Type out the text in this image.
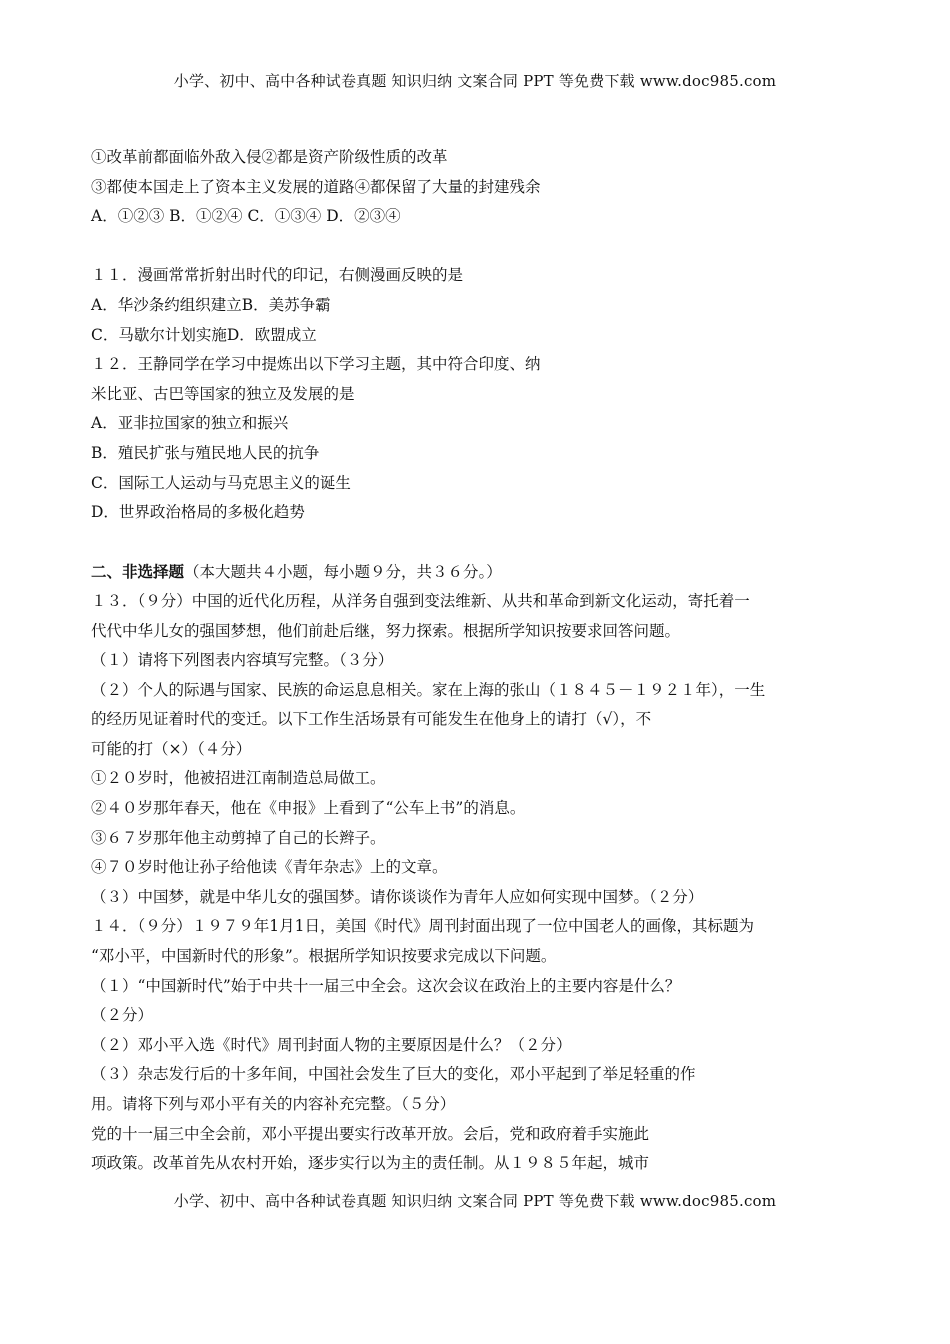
小学、初中、高中各种试卷真题 知识归纳 文案合同 PPT 等免费下载 www.doc985.com
①改革前都面临外敌入侵②都是资产阶级性质的改革
③都使本国走上了资本主义发展的道路④都保留了大量的封建残余
A．①②③ B．①②④ C．①③④ D．②③④
１１．漫画常常折射出时代的印记，右侧漫画反映的是
A．华沙条约组织建立B．美苏争霸
C．马歇尔计划实施D．欧盟成立
１２．王静同学在学习中提炼出以下学习主题，其中符合印度、纳
米比亚、古巴等国家的独立及发展的是
A．亚非拉国家的独立和振兴
B．殖民扩张与殖民地人民的抗争
C．国际工人运动与马克思主义的诞生
D．世界政治格局的多极化趋势
二、非选择题（本大题共４小题，每小题９分，共３６分。）
１３．（９分）中国的近代化历程，从洋务自强到变法维新、从共和革命到新文化运动，寄托着一
代代中华儿女的强国梦想，他们前赴后继，努力探索。根据所学知识按要求回答问题。
（１）请将下列图表内容填写完整。（３分）
（２）个人的际遇与国家、民族的命运息息相关。家在上海的张山（１８４５－１９２１年），一生
的经历见证着时代的变迁。以下工作生活场景有可能发生在他身上的请打（√），不
可能的打（×）（４分）
①２０岁时，他被招进江南制造总局做工。
②４０岁那年春天，他在《申报》上看到了“公车上书”的消息。
③６７岁那年他主动剪掉了自己的长辫子。
④７０岁时他让孙子给他读《青年杂志》上的文章。
（３）中国梦，就是中华儿女的强国梦。请你谈谈作为青年人应如何实现中国梦。（２分）
１４．（９分）１９７９年1月1日，美国《时代》周刊封面出现了一位中国老人的画像，其标题为
“邓小平，中国新时代的形象”。根据所学知识按要求完成以下问题。
（１）“中国新时代”始于中共十一届三中全会。这次会议在政治上的主要内容是什么？
（２分）
（２）邓小平入选《时代》周刊封面人物的主要原因是什么？（２分）
（３）杂志发行后的十多年间，中国社会发生了巨大的变化，邓小平起到了举足轻重的作
用。请将下列与邓小平有关的内容补充完整。（５分）
党的十一届三中全会前，邓小平提出要实行改革开放。会后，党和政府着手实施此
项政策。改革首先从农村开始，逐步实行以为主的责任制。从１９８５年起，城市
小学、初中、高中各种试卷真题 知识归纳 文案合同 PPT 等免费下载 www.doc985.com
